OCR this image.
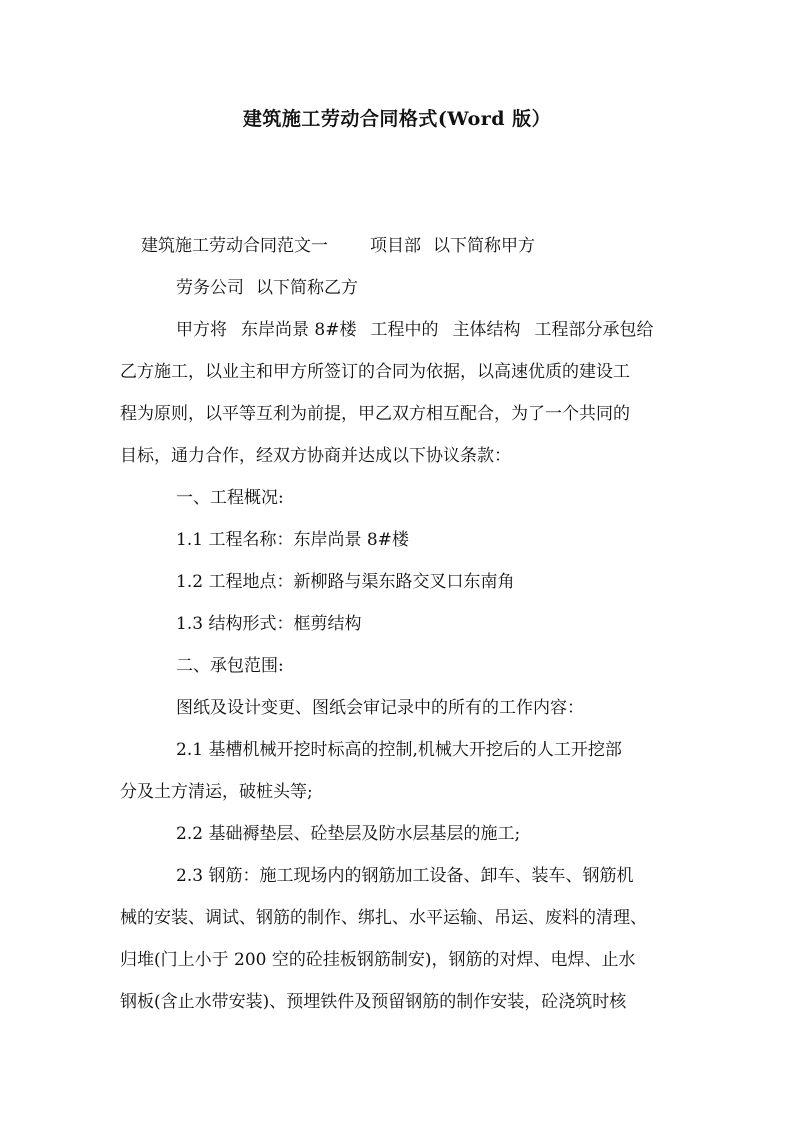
建筑施工劳动合同格式(Word 版）
建筑施工劳动合同范文一 项目部 以下简称甲方
劳务公司 以下简称乙方
甲方将 东岸尚景 8#楼 工程中的 主体结构 工程部分承包给
乙方施工，以业主和甲方所签订的合同为依据，以高速优质的建设工
程为原则，以平等互利为前提，甲乙双方相互配合，为了一个共同的
目标，通力合作，经双方协商并达成以下协议条款：
一、工程概况:
1.1 工程名称：东岸尚景 8#楼
1.2 工程地点：新柳路与渠东路交叉口东南角
1.3 结构形式：框剪结构
二、承包范围:
图纸及设计变更、图纸会审记录中的所有的工作内容：
2.1 基槽机械开挖时标高的控制,机械大开挖后的人工开挖部
分及土方清运，破桩头等;
2.2 基础褥垫层、砼垫层及防水层基层的施工;
2.3 钢筋：施工现场内的钢筋加工设备、卸车、装车、钢筋机
械的安装、调试、钢筋的制作、绑扎、水平运输、吊运、废料的清理、
归堆(门上小于 200 空的砼挂板钢筋制安)，钢筋的对焊、电焊、止水
钢板(含止水带安装)、预埋铁件及预留钢筋的制作安装，砼浇筑时核
